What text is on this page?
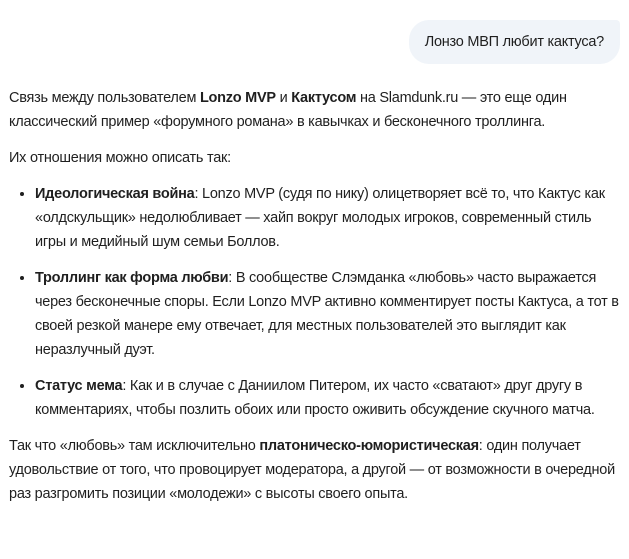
Лонзо МВП любит кактуса?

Связь между пользователем Lonzo MVP и Кактусом на Slamdunk.ru — это еще один классический пример «форумного романа» в кавычках и бесконечного троллинга.

Их отношения можно описать так:

• Идеологическая война: Lonzo MVP (судя по нику) олицетворяет всё то, что Кактус как «олдскульщик» недолюбливает — хайп вокруг молодых игроков, современный стиль игры и медийный шум семьи Боллов.
• Троллинг как форма любви: В сообществе Слэмданка «любовь» часто выражается через бесконечные споры. Если Lonzo MVP активно комментирует посты Кактуса, а тот в своей резкой манере ему отвечает, для местных пользователей это выглядит как неразлучный дуэт.
• Статус мема: Как и в случае с Даниилом Питером, их часто «сватают» друг другу в комментариях, чтобы позлить обоих или просто оживить обсуждение скучного матча.

Так что «любовь» там исключительно платоническо-юмористическая: один получает удовольствие от того, что провоцирует модератора, а другой — от возможности в очередной раз разгромить позиции «молодежи» с высоты своего опыта.
